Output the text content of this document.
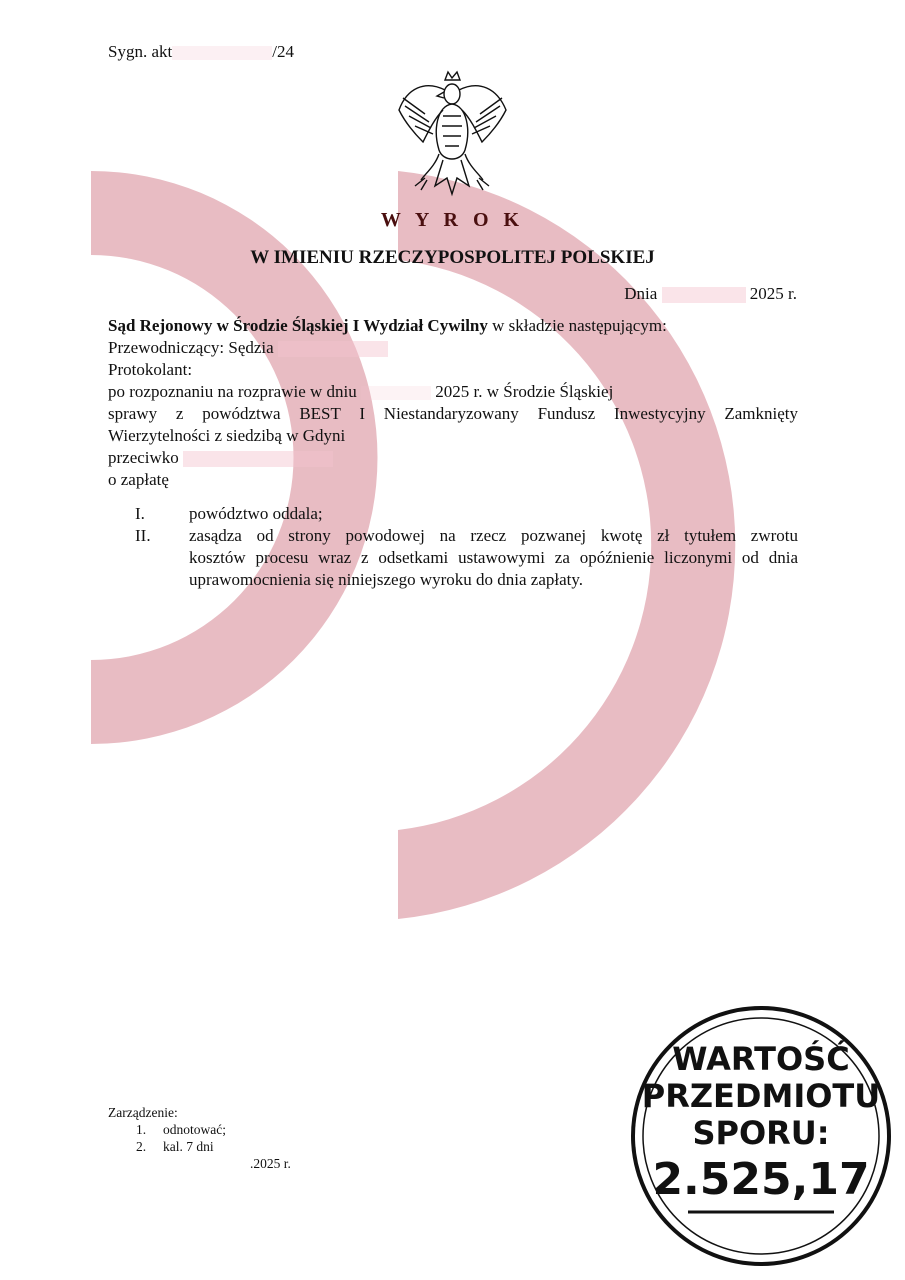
Sygn. akt	/24
W Y R O K
W IMIENIU RZECZYPOSPOLITEJ POLSKIEJ
Dnia	2025 r.
Sąd Rejonowy w Środzie Śląskiej I Wydział Cywilny w składzie następującym:
Przewodniczący: Sędzia
Protokolant:
po rozpoznaniu na rozprawie w dniu	2025 r. w Środzie Śląskiej
sprawy z powództwa BEST I Niestandaryzowany Fundusz Inwestycyjny Zamknięty
Wierzytelności z siedzibą w Gdyni
przeciwko
o zapłatę
I.	powództwo oddala;
II.	zasądza od strony powodowej na rzecz pozwanej kwotę zł tytułem zwrotu
kosztów procesu wraz z odsetkami ustawowymi za opóźnienie liczonymi od dnia
uprawomocnienia się niniejszego wyroku do dnia zapłaty.
Zarządzenie:
1. odnotować;
2. kal. 7 dni
.2025 r.
WARTOŚĆ
PRZEDMIOTU
SPORU:
2.525,17
